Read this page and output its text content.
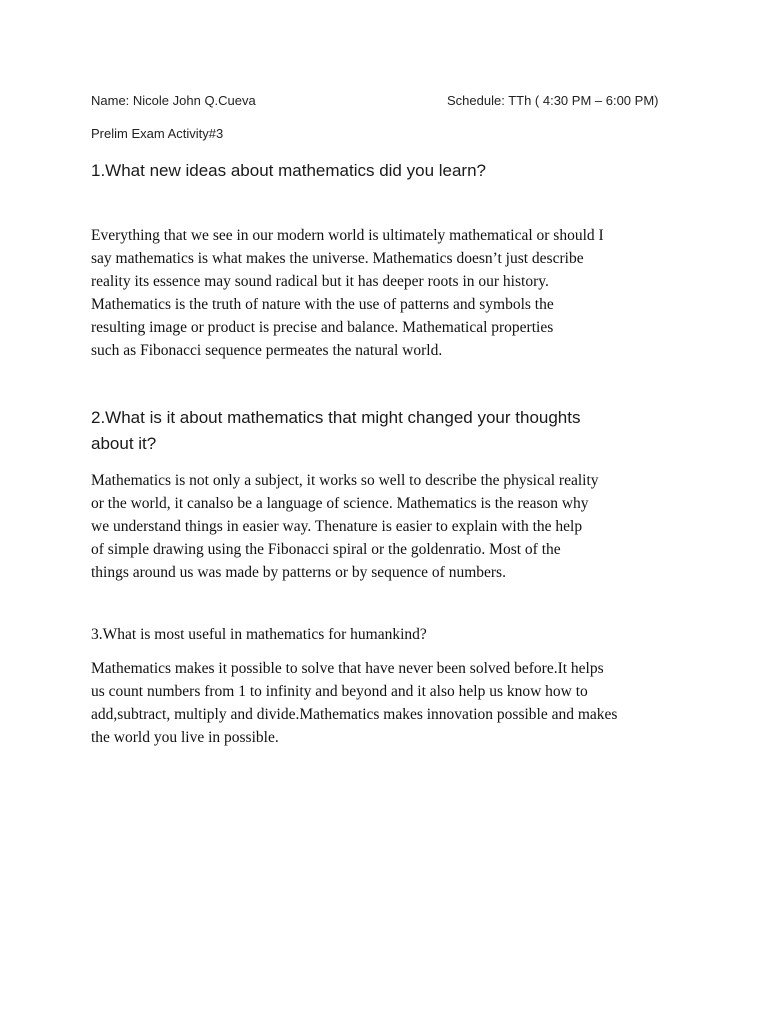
Name: Nicole John Q.Cueva	Schedule: TTh ( 4:30 PM – 6:00 PM)
Prelim Exam Activity#3
1.What new ideas about mathematics did you learn?
Everything that we see in our modern world is ultimately mathematical or should I
say mathematics is what makes the universe. Mathematics doesn’t just describe
reality its essence may sound radical but it has deeper roots in our history.
Mathematics is the truth of nature with the use of patterns and symbols the
resulting image or product is precise and balance. Mathematical properties
such as Fibonacci sequence permeates the natural world.
2.What is it about mathematics that might changed your thoughts
about it?
Mathematics is not only a subject, it works so well to describe the physical reality
or the world, it canalso be a language of science. Mathematics is the reason why
we understand things in easier way. Thenature is easier to explain with the help
of simple drawing using the Fibonacci spiral or the goldenratio. Most of the
things around us was made by patterns or by sequence of numbers.
3.What is most useful in mathematics for humankind?
Mathematics makes it possible to solve that have never been solved before.It helps
us count numbers from 1 to infinity and beyond and it also help us know how to
add,subtract, multiply and divide.Mathematics makes innovation possible and makes
the world you live in possible.
